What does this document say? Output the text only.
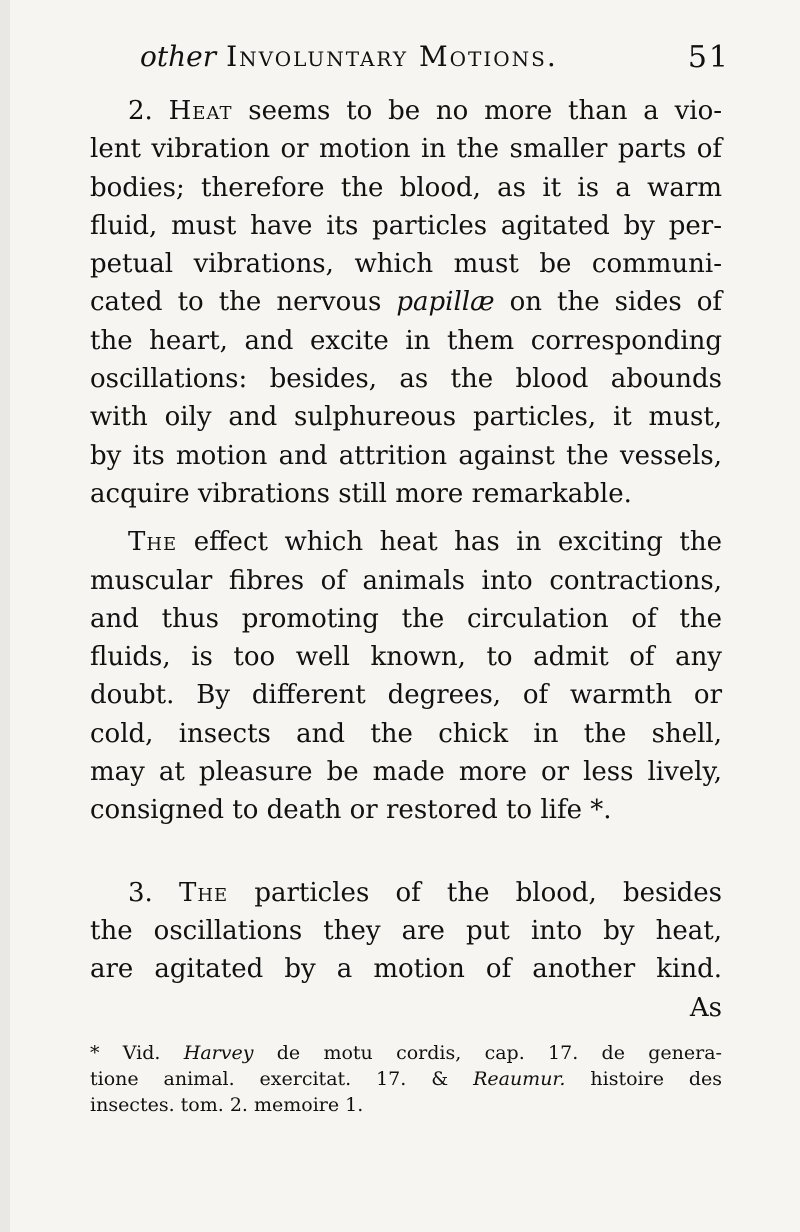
other Involuntary Motions.	51
2. Heat seems to be no more than a vio-
lent vibration or motion in the smaller parts of
bodies; therefore the blood, as it is a warm
fluid, must have its particles agitated by per-
petual vibrations, which must be communi-
cated to the nervous papillæ on the sides of
the heart, and excite in them corresponding
oscillations: besides, as the blood abounds
with oily and sulphureous particles, it must,
by its motion and attrition against the vessels,
acquire vibrations still more remarkable.
The effect which heat has in exciting the
muscular fibres of animals into contractions,
and thus promoting the circulation of the
fluids, is too well known, to admit of any
doubt. By different degrees, of warmth or
cold, insects and the chick in the shell,
may at pleasure be made more or less lively,
consigned to death or restored to life *.
3. The particles of the blood, besides
the oscillations they are put into by heat,
are agitated by a motion of another kind.
As
* Vid. Harvey de motu cordis, cap. 17. de genera-
tione animal. exercitat. 17. & Reaumur. histoire des
insectes. tom. 2. memoire 1.
